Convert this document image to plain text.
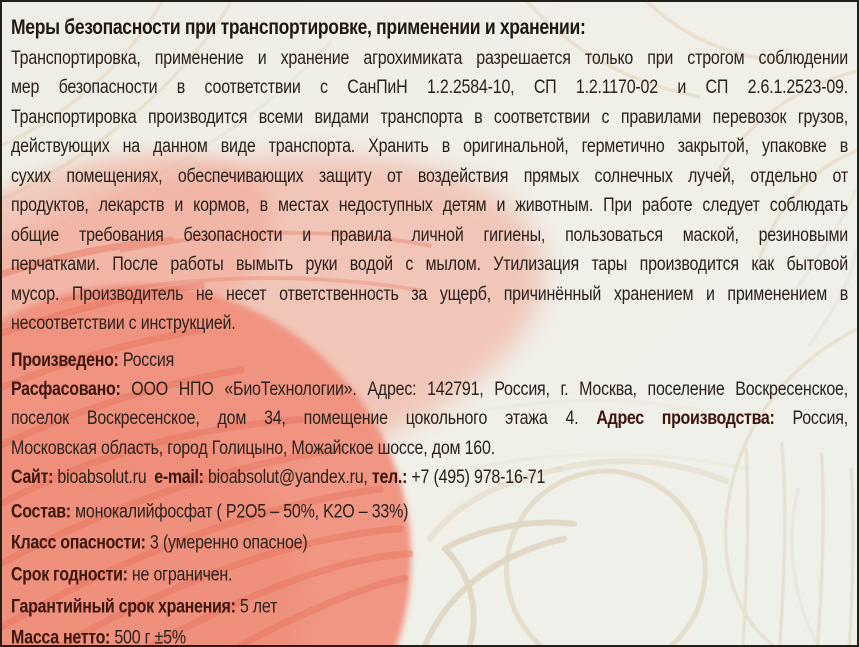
Меры безопасности при транспортировке, применении и хранении:
Транспортировка, применение и хранение агрохимиката разрешается только при строгом соблюдении
мер безопасности в соответствии с СанПиН 1.2.2584-10, СП 1.2.1170-02 и СП 2.6.1.2523-09.
Транспортировка производится всеми видами транспорта в соответствии с правилами перевозок грузов,
действующих на данном виде транспорта. Хранить в оригинальной, герметично закрытой, упаковке в
сухих помещениях, обеспечивающих защиту от воздействия прямых солнечных лучей, отдельно от
продуктов, лекарств и кормов, в местах недоступных детям и животным. При работе следует соблюдать
общие требования безопасности и правила личной гигиены, пользоваться маской, резиновыми
перчатками. После работы вымыть руки водой с мылом. Утилизация тары производится как бытовой
мусор. Производитель не несет ответственность за ущерб, причинённый хранением и применением в
несоответствии с инструкцией.
Произведено: Россия
Расфасовано: ООО НПО «БиоТехнологии». Адрес: 142791, Россия, г. Москва, поселение Воскресенское,
поселок Воскресенское, дом 34, помещение цокольного этажа 4. Адрес производства: Россия,
Московская область, город Голицыно, Можайское шоссе, дом 160.
Сайт: bioabsolut.ru e-mail: bioabsolut@yandex.ru, тел.: +7 (495) 978-16-71
Состав: монокалийфосфат ( P2O5 – 50%, K2O – 33%)
Класс опасности: 3 (умеренно опасное)
Срок годности: не ограничен.
Гарантийный срок хранения: 5 лет
Масса нетто: 500 г ±5%
